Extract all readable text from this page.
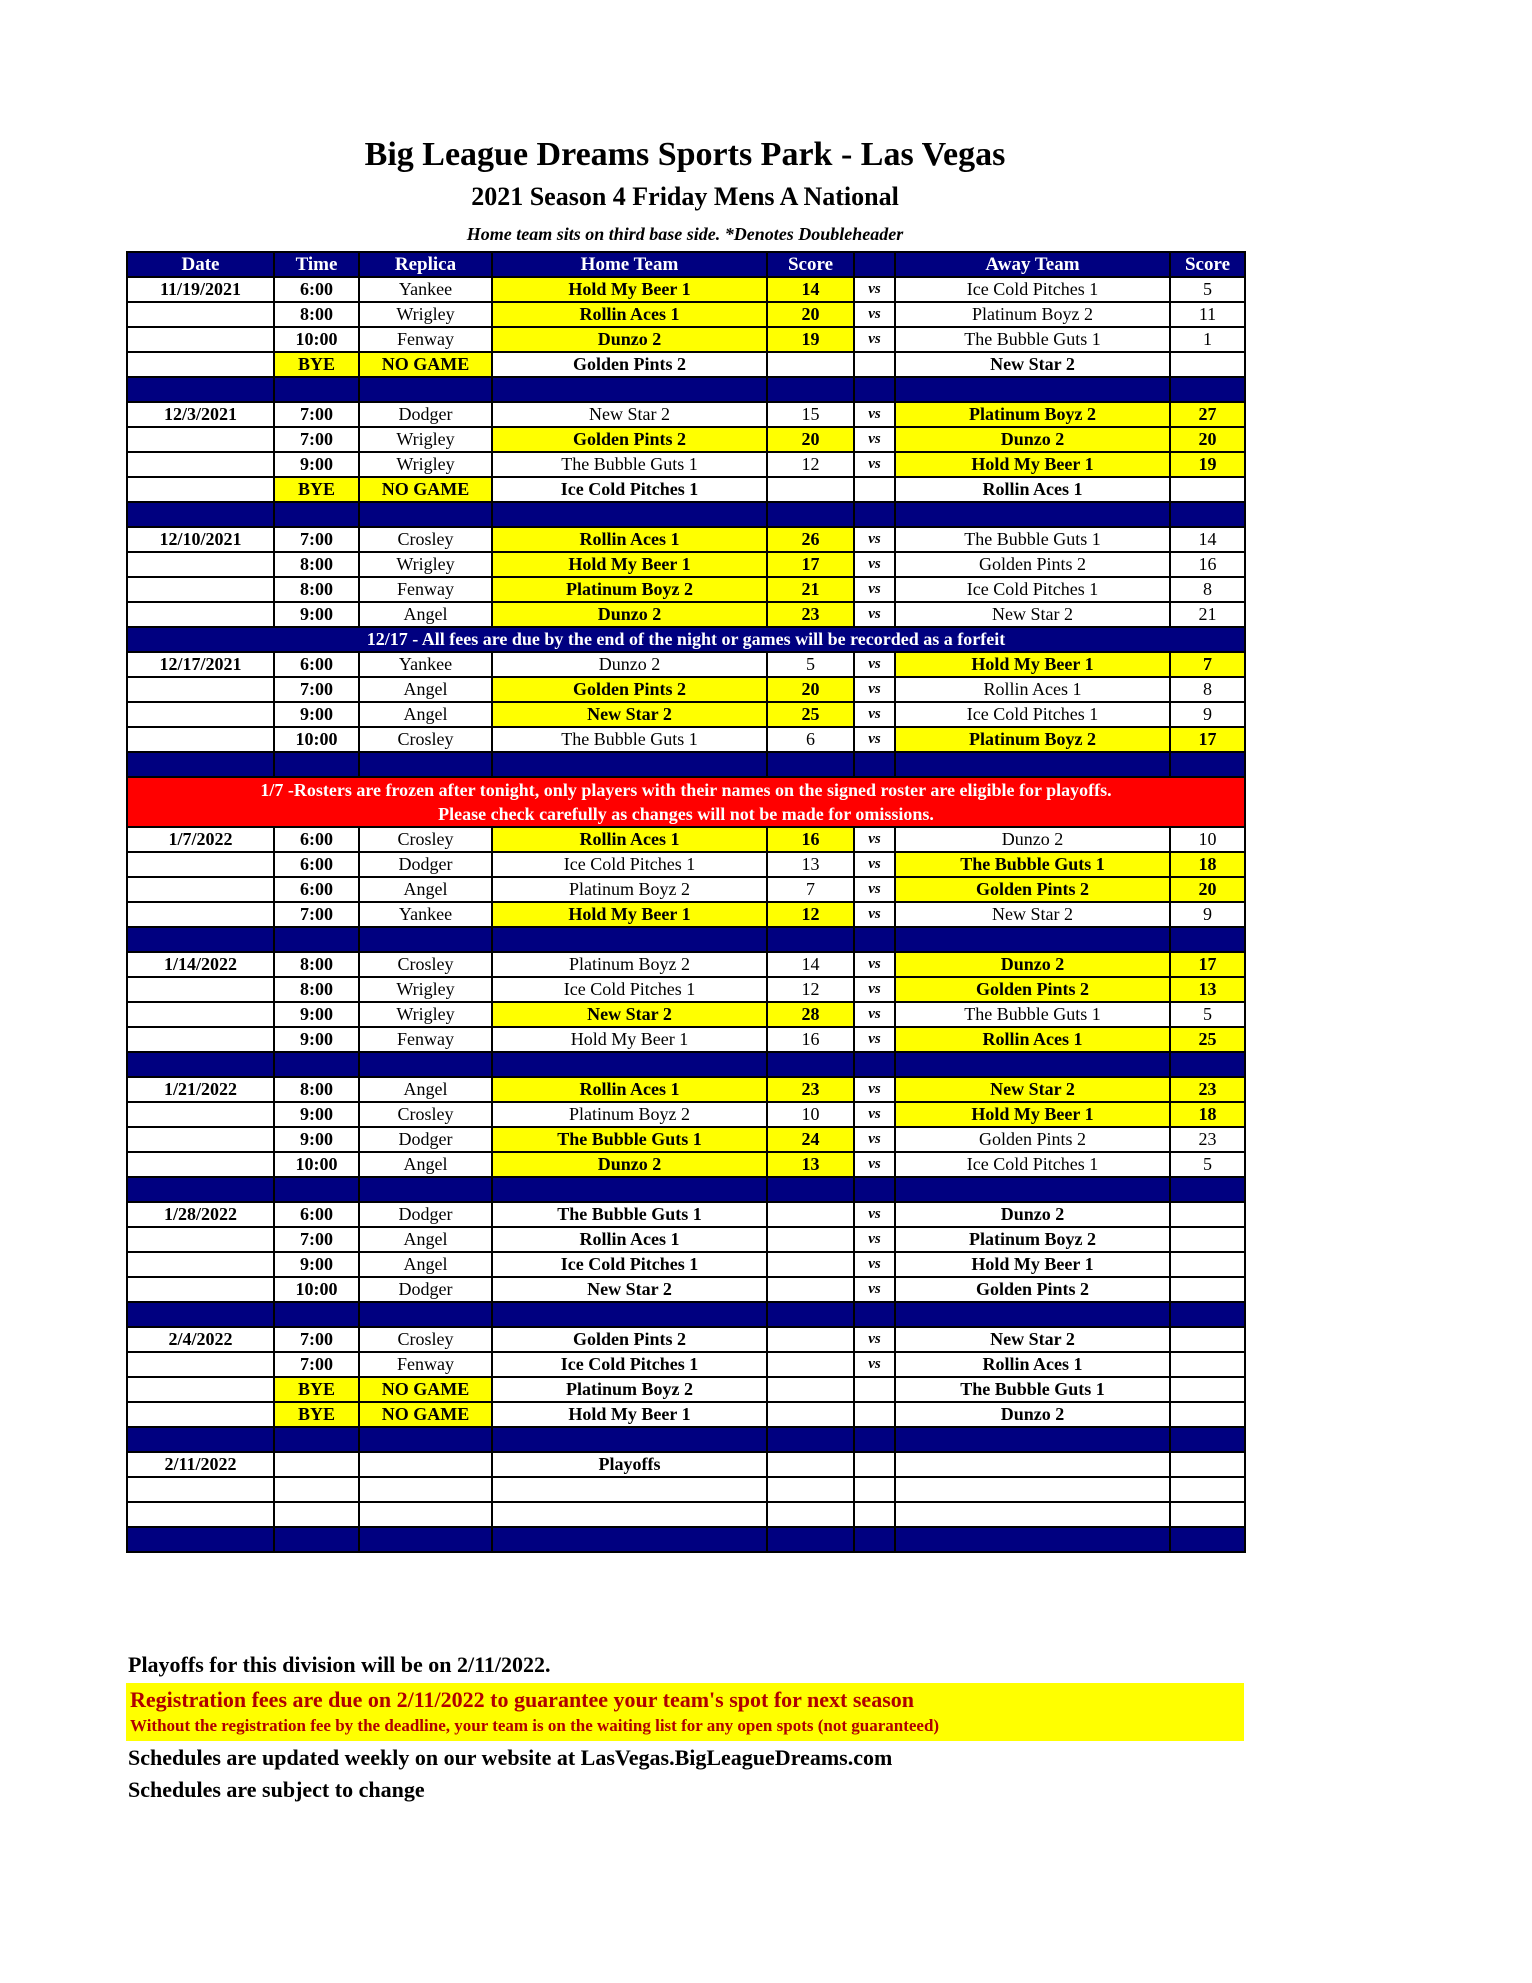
Big League Dreams Sports Park - Las Vegas
2021 Season 4 Friday Mens A National
Home team sits on third base side. *Denotes Doubleheader
Date	Time	Replica	Home Team	Score		Away Team	Score
11/19/2021	6:00	Yankee	Hold My Beer 1	14	vs	Ice Cold Pitches 1	5
	8:00	Wrigley	Rollin Aces 1	20	vs	Platinum Boyz 2	11
	10:00	Fenway	Dunzo 2	19	vs	The Bubble Guts 1	1
	BYE	NO GAME	Golden Pints 2			New Star 2	

12/3/2021	7:00	Dodger	New Star 2	15	vs	Platinum Boyz 2	27
	7:00	Wrigley	Golden Pints 2	20	vs	Dunzo 2	20
	9:00	Wrigley	The Bubble Guts 1	12	vs	Hold My Beer 1	19
	BYE	NO GAME	Ice Cold Pitches 1			Rollin Aces 1	

12/10/2021	7:00	Crosley	Rollin Aces 1	26	vs	The Bubble Guts 1	14
	8:00	Wrigley	Hold My Beer 1	17	vs	Golden Pints 2	16
	8:00	Fenway	Platinum Boyz 2	21	vs	Ice Cold Pitches 1	8
	9:00	Angel	Dunzo 2	23	vs	New Star 2	21
12/17 - All fees are due by the end of the night or games will be recorded as a forfeit							
12/17/2021	6:00	Yankee	Dunzo 2	5	vs	Hold My Beer 1	7
	7:00	Angel	Golden Pints 2	20	vs	Rollin Aces 1	8
	9:00	Angel	New Star 2	25	vs	Ice Cold Pitches 1	9
	10:00	Crosley	The Bubble Guts 1	6	vs	Platinum Boyz 2	17

1/7 -Rosters are frozen after tonight, only players with their names on the signed roster are eligible for playoffs.
Please check carefully as changes will not be made for omissions.							

1/7/2022	6:00	Crosley	Rollin Aces 1	16	vs	Dunzo 2	10
	6:00	Dodger	Ice Cold Pitches 1	13	vs	The Bubble Guts 1	18
	6:00	Angel	Platinum Boyz 2	7	vs	Golden Pints 2	20
	7:00	Yankee	Hold My Beer 1	12	vs	New Star 2	9

1/14/2022	8:00	Crosley	Platinum Boyz 2	14	vs	Dunzo 2	17
	8:00	Wrigley	Ice Cold Pitches 1	12	vs	Golden Pints 2	13
	9:00	Wrigley	New Star 2	28	vs	The Bubble Guts 1	5
	9:00	Fenway	Hold My Beer 1	16	vs	Rollin Aces 1	25

1/21/2022	8:00	Angel	Rollin Aces 1	23	vs	New Star 2	23
	9:00	Crosley	Platinum Boyz 2	10	vs	Hold My Beer 1	18
	9:00	Dodger	The Bubble Guts 1	24	vs	Golden Pints 2	23
	10:00	Angel	Dunzo 2	13	vs	Ice Cold Pitches 1	5

1/28/2022	6:00	Dodger	The Bubble Guts 1		vs	Dunzo 2	
	7:00	Angel	Rollin Aces 1		vs	Platinum Boyz 2	
	9:00	Angel	Ice Cold Pitches 1		vs	Hold My Beer 1	
	10:00	Dodger	New Star 2		vs	Golden Pints 2	

2/4/2022	7:00	Crosley	Golden Pints 2		vs	New Star 2	
	7:00	Fenway	Ice Cold Pitches 1		vs	Rollin Aces 1	
	BYE	NO GAME	Platinum Boyz 2			The Bubble Guts 1	
	BYE	NO GAME	Hold My Beer 1			Dunzo 2	

2/11/2022			Playoffs				

Playoffs for this division will be on 2/11/2022.
Registration fees are due on 2/11/2022 to guarantee your team's spot for next season
Without the registration fee by the deadline, your team is on the waiting list for any open spots (not guaranteed)
Schedules are updated weekly on our website at LasVegas.BigLeagueDreams.com
Schedules are subject to change
